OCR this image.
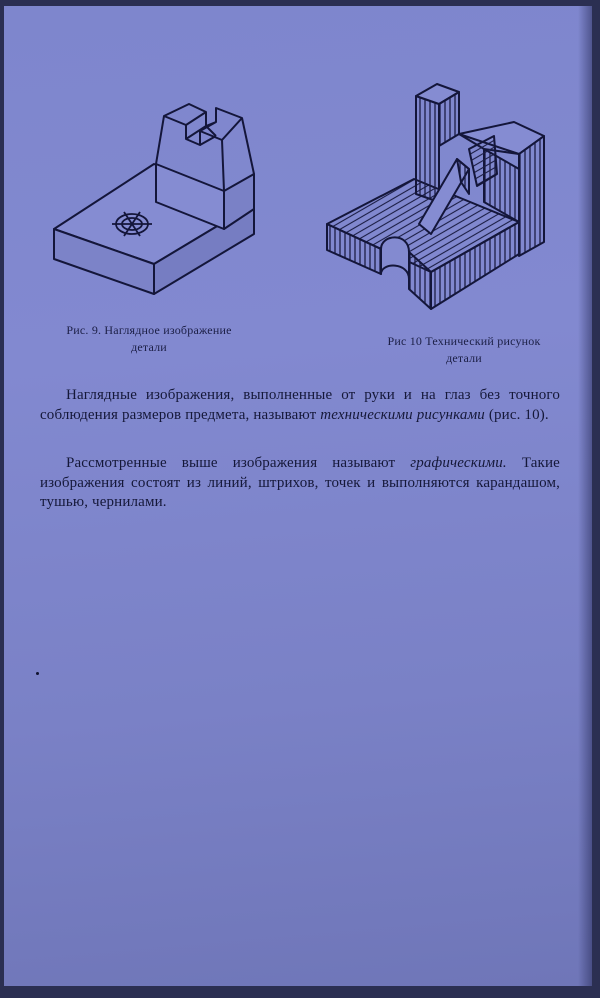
Рис. 9. Наглядное изображение
детали	Рис 10 Технический рисунок
детали

Наглядные изображения, выполненные от руки и на глаз без точного соблюдения размеров предмета, называют техническими рисунками (рис. 10).

Рассмотренные выше изображения называют графическими. Такие изображения состоят из линий, штрихов, точек и выполняются карандашом, тушью, чернилами.
